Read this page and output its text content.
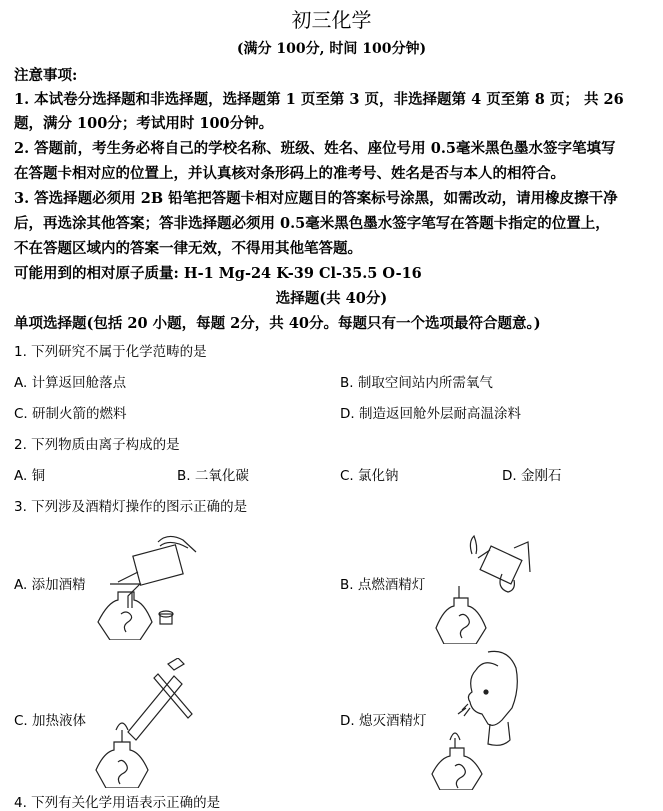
初三化学
(满分 100分, 时间 100分钟)
注意事项:
1. 本试卷分选择题和非选择题，选择题第 1 页至第 3 页，非选择题第 4 页至第 8 页； 共 26
题，满分 100分；考试用时 100分钟。
2. 答题前，考生务必将自己的学校名称、班级、姓名、座位号用 0.5毫米黑色墨水签字笔填写
在答题卡相对应的位置上，并认真核对条形码上的准考号、姓名是否与本人的相符合。
3. 答选择题必须用 2B 铅笔把答题卡相对应题目的答案标号涂黑，如需改动，请用橡皮擦干净
后，再选涂其他答案；答非选择题必须用 0.5毫米黑色墨水签字笔写在答题卡指定的位置上，
不在答题区域内的答案一律无效，不得用其他笔答题。
可能用到的相对原子质量: H-1 Mg-24 K-39 Cl-35.5 O-16
选择题(共 40分)
单项选择题(包括 20 小题，每题 2分，共 40分。每题只有一个选项最符合题意。)
1. 下列研究不属于化学范畴的是
A. 计算返回舱落点	B. 制取空间站内所需氧气
C. 研制火箭的燃料	D. 制造返回舱外层耐高温涂料
2. 下列物质由离子构成的是
A. 铜	B. 二氧化碳	C. 氯化钠	D. 金刚石
3. 下列涉及酒精灯操作的图示正确的是
A. 添加酒精	B. 点燃酒精灯
C. 加热液体	D. 熄灭酒精灯
4. 下列有关化学用语表示正确的是
